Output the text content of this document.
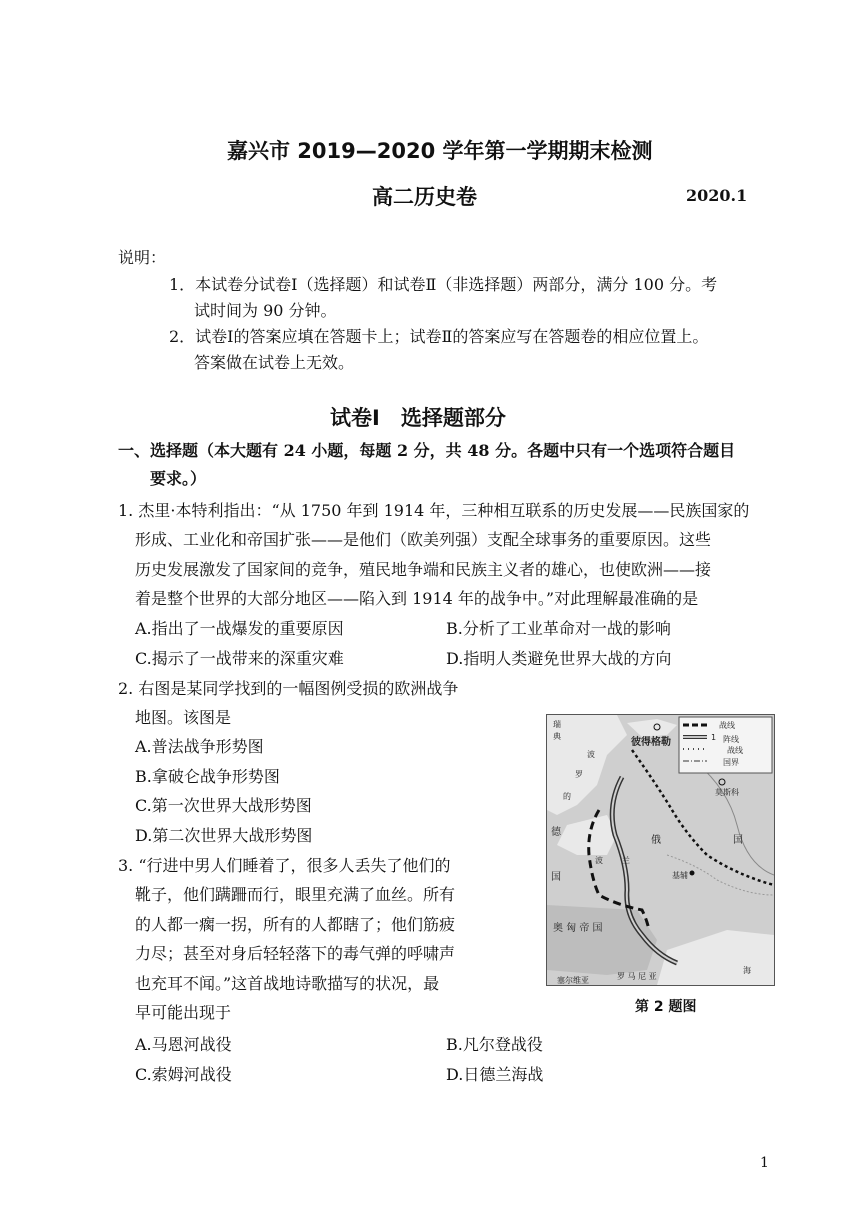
嘉兴市 2019—2020 学年第一学期期末检测
高二历史卷	2020.1
说明：
1．本试卷分试卷Ⅰ（选择题）和试卷Ⅱ（非选择题）两部分，满分 100 分。考
试时间为 90 分钟。
2．试卷Ⅰ的答案应填在答题卡上；试卷Ⅱ的答案应写在答题卷的相应位置上。
答案做在试卷上无效。
试卷Ⅰ　选择题部分
一、选择题（本大题有 24 小题，每题 2 分，共 48 分。各题中只有一个选项符合题目
要求。）
1. 杰里·本特利指出：“从 1750 年到 1914 年，三种相互联系的历史发展——民族国家的
形成、工业化和帝国扩张——是他们（欧美列强）支配全球事务的重要原因。这些
历史发展激发了国家间的竞争，殖民地争端和民族主义者的雄心，也使欧洲——接
着是整个世界的大部分地区——陷入到 1914 年的战争中。”对此理解最准确的是
A.指出了一战爆发的重要原因	B.分析了工业革命对一战的影响
C.揭示了一战带来的深重灾难	D.指明人类避免世界大战的方向
2. 右图是某同学找到的一幅图例受损的欧洲战争
地图。该图是
A.普法战争形势图
B.拿破仑战争形势图
C.第一次世界大战形势图
D.第二次世界大战形势图
3. “行进中男人们睡着了，很多人丢失了他们的
靴子，他们蹒跚而行，眼里充满了血丝。所有
的人都一瘸一拐，所有的人都瞎了；他们筋疲
力尽；甚至对身后轻轻落下的毒气弹的呼啸声
也充耳不闻。”这首战地诗歌描写的状况，最
早可能出现于
A.马恩河战役	B.凡尔登战役
C.索姆河战役	D.日德兰海战
战线
1 阵线
战线
国界
瑞
典
彼得格勒
莫斯科
波
罗
的
德
国
俄	国
波 兰
基辅
奥 匈 帝 国
罗 马 尼 亚
海
塞尔维亚
第 2 题图
1
